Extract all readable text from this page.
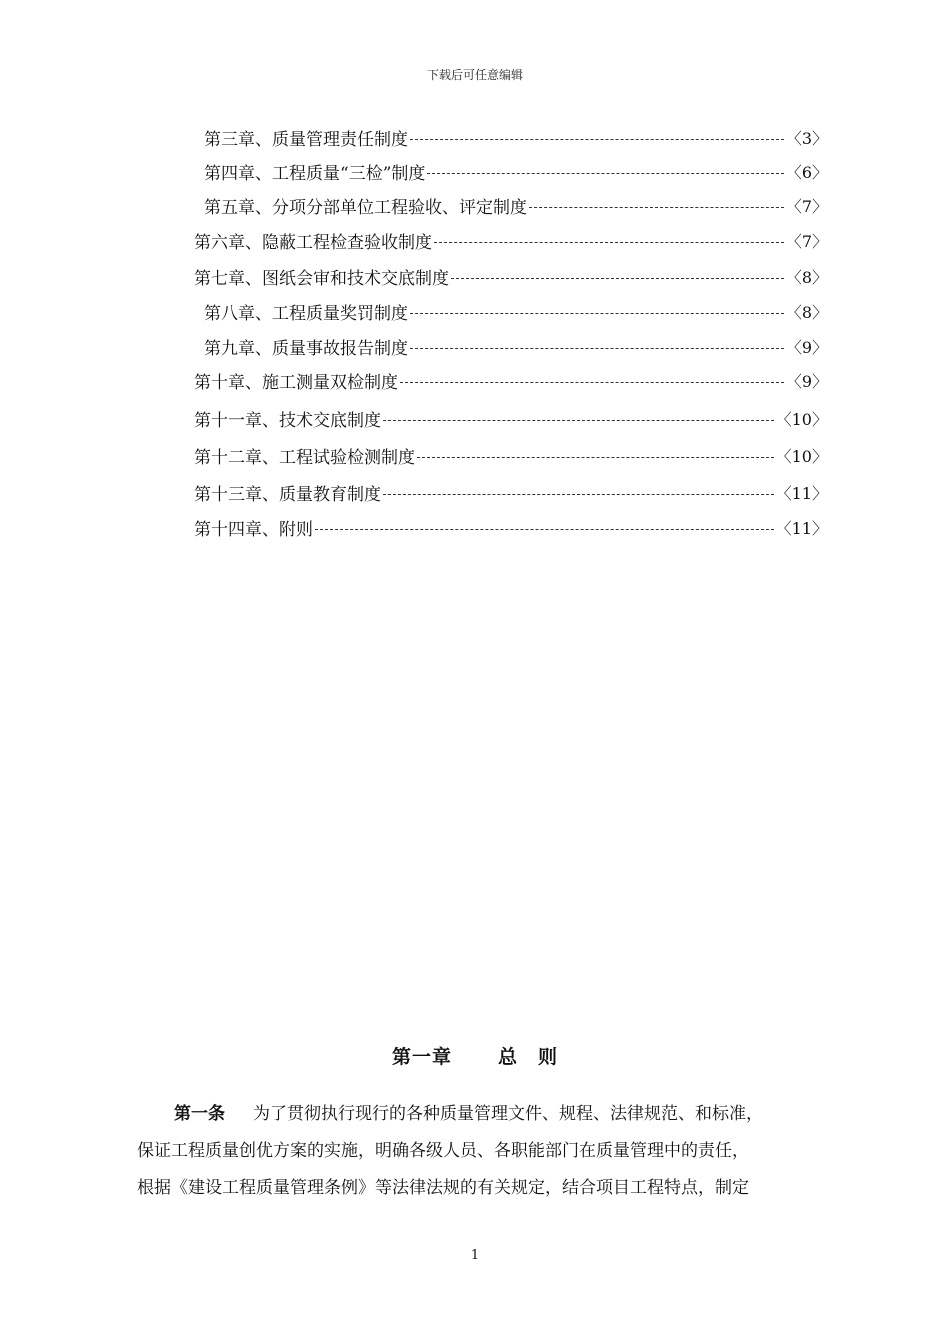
下载后可任意编辑
第三章、质量管理责任制度	〈3〉
第四章、工程质量“三检”制度	〈6〉
第五章、分项分部单位工程验收、评定制度	〈7〉
第六章、隐蔽工程检查验收制度	〈7〉
第七章、图纸会审和技术交底制度	〈8〉
第八章、工程质量奖罚制度	〈8〉
第九章、质量事故报告制度	〈9〉
第十章、施工测量双检制度	〈9〉
第十一章、技术交底制度	〈10〉
第十二章、工程试验检测制度	〈10〉
第十三章、质量教育制度	〈11〉
第十四章、附则	〈11〉
第一章 总　则
第一条 为了贯彻执行现行的各种质量管理文件、规程、法律规范、和标准，
保证工程质量创优方案的实施，明确各级人员、各职能部门在质量管理中的责任，
根据《建设工程质量管理条例》等法律法规的有关规定，结合项目工程特点，制定
1
